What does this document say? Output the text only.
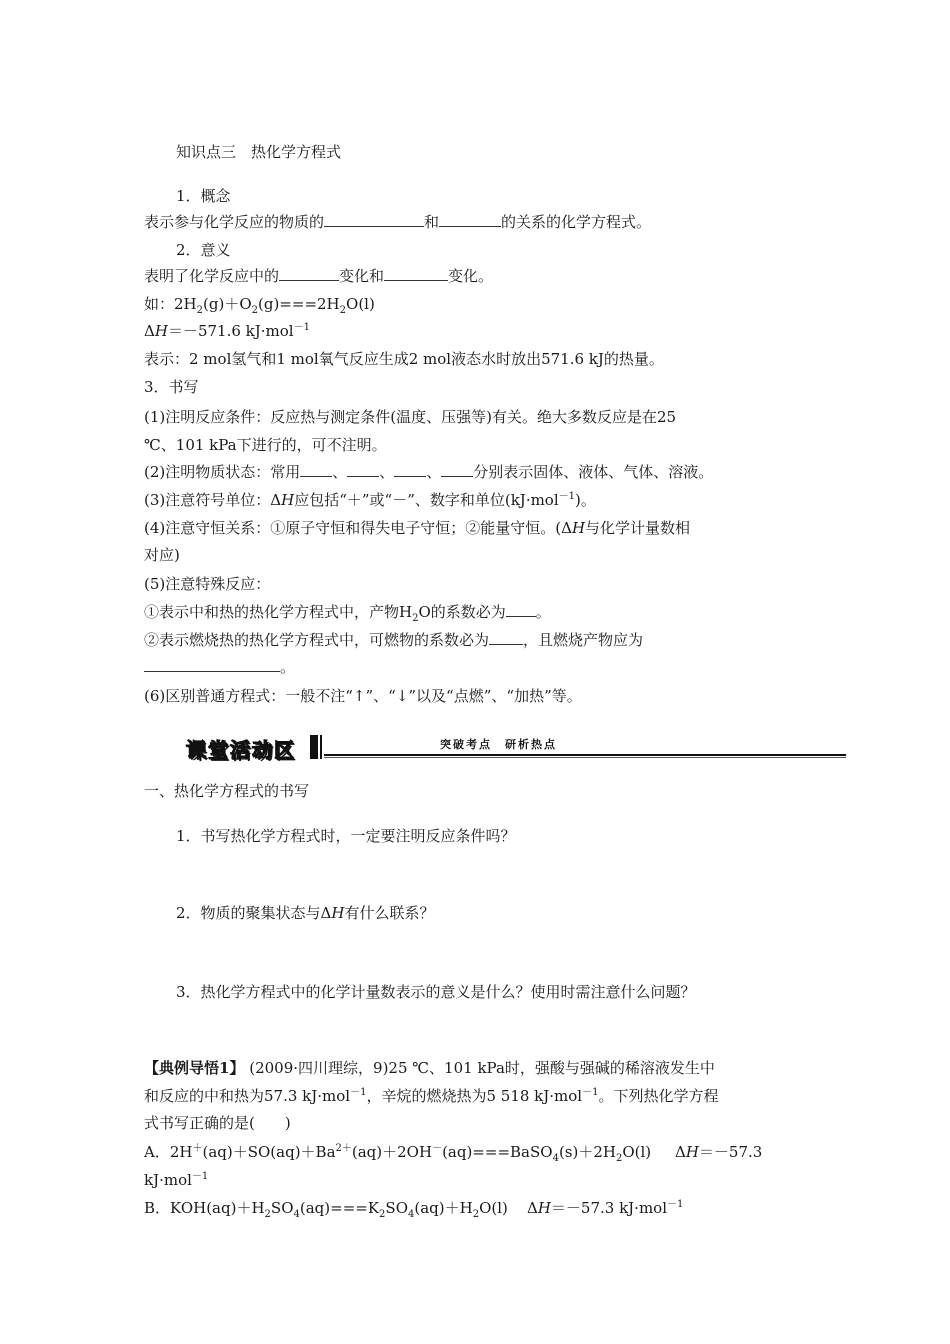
知识点三　热化学方程式
1．概念
表示参与化学反应的物质的	和	的关系的化学方程式。
2．意义
表明了化学反应中的	变化和	变化。
如：$2H_2(g)+O_2(g)===2H_2O(l)$
ΔH＝－571.6 kJ·mol$^{-1}$
表示：2 mol氢气和1 mol氧气反应生成2 mol液态水时放出571.6 kJ的热量。
3．书写
(1)注明反应条件：反应热与测定条件(温度、压强等)有关。绝大多数反应是在25
℃、101 kPa下进行的，可不注明。
(2)注明物质状态：常用 、 、 、 分别表示固体、液体、气体、溶液。
(3)注意符号单位：ΔH应包括“＋”或“－”、数字和单位(kJ·mol$^{-1}$)。
(4)注意守恒关系：①原子守恒和得失电子守恒；②能量守恒。(ΔH与化学计量数相
对应)
(5)注意特殊反应：
①表示中和热的热化学方程式中，产物$H_2O$的系数必为 。
②表示燃烧热的热化学方程式中，可燃物的系数必为 ，且燃烧产物应为
。
(6)区别普通方程式：一般不注“↑”、“↓”以及“点燃”、“加热”等。
课堂活动区	突破考点　研析热点
一、热化学方程式的书写
1．书写热化学方程式时，一定要注明反应条件吗？
2．物质的聚集状态与ΔH有什么联系？
3．热化学方程式中的化学计量数表示的意义是什么？使用时需注意什么问题？
【典例导悟1】 (2009·四川理综，9)25 ℃、101 kPa时，强酸与强碱的稀溶液发生中
和反应的中和热为57.3 kJ·mol$^{-1}$，辛烷的燃烧热为5 518 kJ·mol$^{-1}$。下列热化学方程
式书写正确的是(　　)
A．$2H^+(aq)+SO(aq)+Ba^{2+}(aq)+2OH^-(aq)===BaSO_4(s)+2H_2O(l)$     ΔH＝－57.3
kJ·mol$^{-1}$
B．$KOH(aq)+H_2SO_4(aq)===K_2SO_4(aq)+H_2O(l)$    ΔH＝－57.3 kJ·mol$^{-1}$
